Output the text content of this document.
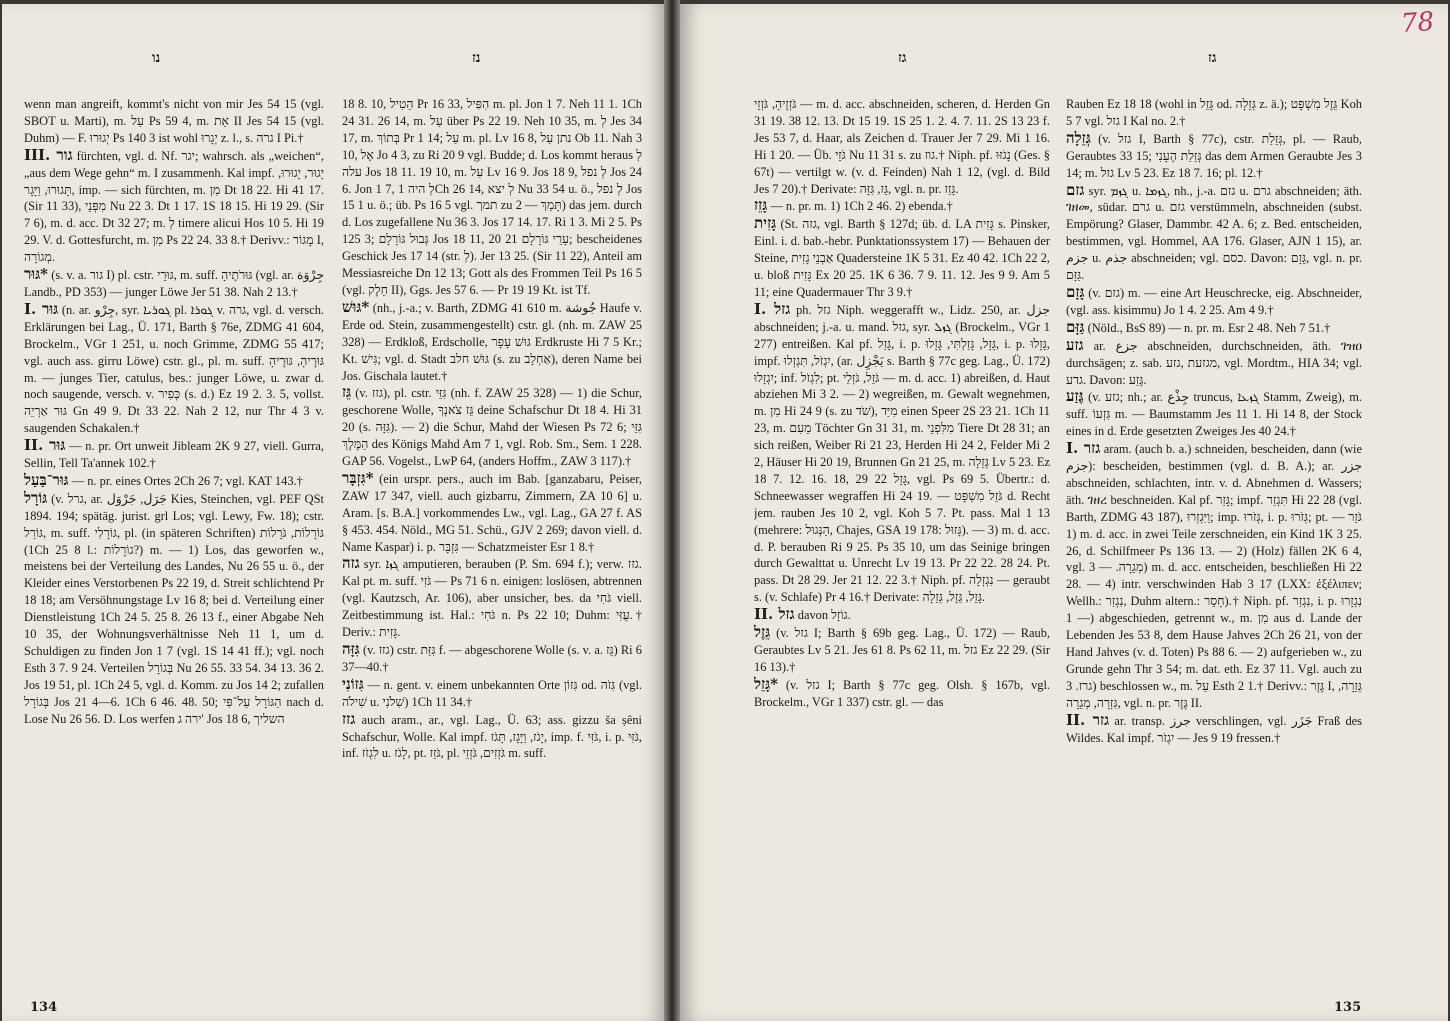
נו	נז
wenn man angreift, kommt's nicht von mir Jes 54 15 (vgl. SBOT u. Marti), m. עַל Ps 59 4, m. אֵת II Jes 54 15 (vgl. Duhm) — F. יְגוּרוּ Ps 140 3 ist wohl יְגָרוּ z. l., s. גרה I Pi.†
III. גור fürchten, vgl. d. Nf. יגר; wahrsch. als „weichen“, „aus dem Wege gehn“ m. I zusammenh. Kal impf. יָגוּר, יָגוּרוּ, תָּגוּרוּ, וַיָּגָר, imp. — sich fürchten, m. מִן Dt 18 22. Hi 41 17. (Sir 11 33), מִפְּנֵי Nu 22 3. Dt 1 17. 1S 18 15. Hi 19 29. (Sir 7 6), m. d. acc. Dt 32 27; m. לְ timere alicui Hos 10 5. Hi 19 29. V. d. Gottesfurcht, m. מִן Ps 22 24. 33 8.† Derivv.: מָגוֹר I, מְגוֹרָה.
גּוּר* (s. v. a. גור I) pl. cstr. גּוּרֵי, m. suff. גּוּרֹתֶיהָ (vgl. ar. جِرْوَة Landb., PD 353) — junger Löwe Jer 51 38. Nah 2 13.†
I. גּוּר (n. ar. جِرْو, syr. ܓܘܪܝܐ pl. ܓܘܪܐ v. גרה, vgl. d. versch. Erklärungen bei Lag., Ü. 171, Barth § 76e, ZDMG 41 604, Brockelm., VGr 1 251, u. noch Grimme, ZDMG 55 417; vgl. auch ass. girru Löwe) cstr. gl., pl. m. suff. גּוּרֶיהָ, גּוּרֶיהָ m. — junges Tier, catulus, bes.: junger Löwe, u. zwar d. noch saugende, versch. v. כְּפִיר (s. d.) Ez 19 2. 3. 5, vollst. גּוּר אַרְיֵה Gn 49 9. Dt 33 22. Nah 2 12, nur Thr 4 3 v. saugenden Schakalen.†
II. גּוּר — n. pr. Ort unweit Jibleam 2K 9 27, viell. Gurra, Sellin, Tell Ta'annek 102.†
גּוּר־בַּעַל — n. pr. eines Ortes 2Ch 26 7; vgl. KAT 143.†
גּוֹרָל (v. גרל, ar. جَرَل, جَرْوَل Kies, Steinchen, vgl. PEF QSt 1894. 194; spätäg. jurist. grl Los; vgl. Lewy, Fw. 18); cstr. גּוֹרַל, m. suff. גּוֹרָלִי, pl. (in späteren Schriften) גּוֹרָלוֹת, גֹּרָלוֹת (1Ch 25 8 l.: גוֹרָלוֹת?) m. — 1) Los, das geworfen w., meistens bei der Verteilung des Landes, Nu 26 55 u. ö., der Kleider eines Verstorbenen Ps 22 19, d. Streit schlichtend Pr 18 18; am Versöhnungstage Lv 16 8; bei d. Verteilung einer Dienstleistung 1Ch 24 5. 25 8. 26 13 f., einer Abgabe Neh 10 35, der Wohnungsverhältnisse Neh 11 1, um d. Schuldigen zu finden Jon 1 7 (vgl. 1S 14 41 ff.); vgl. noch Esth 3 7. 9 24. Verteilen בְּגוֹרָל Nu 26 55. 33 54. 34 13. 36 2. Jos 19 51, pl. 1Ch 24 5, vgl. d. Komm. zu Jos 14 2; zufallen בְּגוֹרָל Jos 21 4—6. 1Ch 6 46. 48. 50; הַגּוֹרָל עַל־פִּי nach d. Lose Nu 26 56. D. Los werfen ירה ג' Jos 18 6, השליך
18 8. 10, הֵטִיל Pr 16 33, הִפִּיל m. pl. Jon 1 7. Neh 11 1. 1Ch 24 31. 26 14, m. עַל über Ps 22 19. Neh 10 35, m. לְ Jes 34 17, m. בְּתוֹךְ Pr 1 14; עַל m. pl. Lv 16 8, נתן עַל Ob 11. Nah 3 10, אֶל Jo 4 3, zu Ri 20 9 vgl. Budde; d. Los kommt heraus לְ עלה Jos 18 11. 19 10, m. עַל Lv 16 9. Jos 18 9, לְ נפל Jos 24 6. Jon 1 7, לְ היה 1Ch 26 14, לְ יצא Nu 33 54 u. ö., לְ נפל Jos 15 1 u. ö.; üb. Ps 16 5 vgl. תמך zu תָּמַךְ — 2) das jem. durch d. Los zugefallene Nu 36 3. Jos 17 14. 17. Ri 1 3. Mi 2 5. Ps 125 3; גְּבוּל גּוֹרָלָם Jos 18 11, עָרֵי גּוֹרָלָם 21 20; bescheidenes Geschick Jes 17 14 (str. לְ). Jer 13 25. (Sir 11 22), Anteil am Messiasreiche Dn 12 13; Gott als des Frommen Teil Ps 16 5 (vgl. חֵלֶק II), Ggs. Jes 57 6. — Pr 19 19 Kt. ist Tf.
גּוּשׁ* (nh., j.-a.; v. Barth, ZDMG 41 610 m. جُوشة Haufe v. Erde od. Stein, zusammengestellt) cstr. gl. (nh. m. ZAW 25 328) — Erdkloß, Erdscholle, גּוּשׁ עָפָר Erdkruste Hi 7 5 Kr.; Kt. גִּישׁ; vgl. d. Stadt גּוּשׁ חלב (s. zu אַחְלָב), deren Name bei Jos. Gischala lautet.†
גֵּז (v. גזז), pl. cstr. גִּזֵּי (nh. f. ZAW 25 328) — 1) die Schur, geschorene Wolle, גֵּז צֹאנְךָ deine Schafschur Dt 18 4. Hi 31 20 (s. גִּזָּה). — 2) die Schur, Mahd der Wiesen Ps 72 6; גִּזֵּי הַמֶּלֶךְ des Königs Mahd Am 7 1, vgl. Rob. Sm., Sem. 1 228. GAP 56. Vogelst., LwP 64, (anders Hoffm., ZAW 3 117).†
גִּזְבָּר* (ein urspr. pers., auch im Bab. [ganzabaru, Peiser, ZAW 17 347, viell. auch gizbarru, Zimmern, ZA 10 6] u. Aram. [s. B.A.] vorkommendes Lw., vgl. Lag., GA 27 f. AS § 453. 454. Nöld., MG 51. Schü., GJV 2 269; davon viell. d. Name Kaspar) i. p. גִּזְבָּר — Schatzmeister Esr 1 8.†
גזה syr. ܓܙܐ amputieren, berauben (P. Sm. 694 f.); verw. גזז. Kal pt. m. suff. גֹּזִי — Ps 71 6 n. einigen: loslösen, abtrennen (vgl. Kautzsch, Ar. 106), aber unsicher, bes. da גֹּחִי viell. Zeitbestimmung ist. Hal.: גֹּחִי n. Ps 22 10; Duhm: עֻזִּי.† Deriv.: גָּזִית.
גִּזָּה (v. גזז) cstr. גִּזַּת f. — abgeschorene Wolle (s. v. a. גֵּז) Ri 6 37—40.†
גִּזוֹנִי — n. gent. v. einem unbekannten Orte גִּזוֹן od. גִּזֹה (vgl. שִׁילֹה u. שִׁלֹנִי) 1Ch 11 34.†
גזז auch aram., ar., vgl. Lag., Ü. 63; ass. gizzu ša ṣêni Schafschur, Wolle. Kal impf. יָגֹז, וַיָּגָז, תָּגֹז, imp. f. גֹּזִּי, i. p. גֹּזִּי, inf. לִגְזֹז u. לָגֹז, pt. גֹּזֵז, pl. גֹּזְזִים, גֹּזְזֵי m. suff.
134
78
גז	גז
גֹּזְזֶיהָ, גֹּזְזֵי — m. d. acc. abschneiden, scheren, d. Herden Gn 31 19. 38 12. 13. Dt 15 19. 1S 25 1. 2. 4. 7. 11. 2S 13 23 f. Jes 53 7, d. Haar, als Zeichen d. Trauer Jer 7 29. Mi 1 16. Hi 1 20. — Üb. גֹּזֵי Nu 11 31 s. zu גוז.† Niph. pf. נָגֹזּוּ (Ges. § 67t) — vertilgt w. (v. d. Feinden) Nah 1 12, (vgl. d. Bild Jes 7 20).† Derivate: גֵּז, גִּזָּה, vgl. n. pr. גָּזֵז.
גָּזֵז — n. pr. m. 1) 1Ch 2 46. 2) ebenda.†
גָּזִית (St. גזה, vgl. Barth § 127d; üb. d. LA גָּזִית s. Pinsker, Einl. i. d. bab.-hebr. Punktationssystem 17) — Behauen der Steine, אַבְנֵי גָזִית Quadersteine 1K 5 31. Ez 40 42. 1Ch 22 2, u. bloß גָּזִית Ex 20 25. 1K 6 36. 7 9. 11. 12. Jes 9 9. Am 5 11; eine Quadermauer Thr 3 9.†
I. גזל ph. גזל Niph. weggerafft w., Lidz. 250, ar. جزل abschneiden; j.-a. u. mand. גזל, syr. ܓܙܠ (Brockelm., VGr 1 277) entreißen. Kal pf. גָּזַל, i. p. גָּזָל, גָּזַלְתִּי, גָּזָלוּ, i. p. גָּזָלוּ, impf. יִגְזֹל, תִּגְזְלוּ, (ar. يَجْزِل s. Barth § 77c geg. Lag., Ü. 172) יִגְזָלוּ; inf. לִגְזֹל; pt. גֹּזֵל, גֹּזְלֵי — m. d. acc. 1) abreißen, d. Haut abziehen Mi 3 2. — 2) wegreißen, m. Gewalt wegnehmen, m. מִן Hi 24 9 (s. zu שֹׁד), מִיַּד einen Speer 2S 23 21. 1Ch 11 23, m. מֵעִם Töchter Gn 31 31, m. מִלִּפְנֵי Tiere Dt 28 31; an sich reißen, Weiber Ri 21 23, Herden Hi 24 2, Felder Mi 2 2, Häuser Hi 20 19, Brunnen Gn 21 25, m. גְּזֵלָה Lv 5 23. Ez 18 7. 12. 16. 18, גָּזֵל 22 29, vgl. Ps 69 5. Übertr.: d. Schneewasser wegraffen Hi 24 19. — גֹּזֵל מִשְׁפָּט d. Recht jem. rauben Jes 10 2, vgl. Koh 5 7. Pt. pass. Mal 1 13 (mehrere: הַנְּגוּל, Chajes, GSA 19 178: גָּזוּל). — 3) m. d. acc. d. P. berauben Ri 9 25. Ps 35 10, um das Seinige bringen durch Gewalttat u. Unrecht Lv 19 13. Pr 22 22. 28 24. Pt. pass. Dt 28 29. Jer 21 12. 22 3.† Niph. pf. נִגְזְלָה — geraubt s. (v. Schlafe) Pr 4 16.† Derivate: גָּזֵל, גֵּזֶל, גְּזֵלָה.
II. גזל davon גוֹזָל.
גֵּזֶל (v. גזל I; Barth § 69b geg. Lag., Ü. 172) — Raub, Geraubtes Lv 5 21. Jes 61 8. Ps 62 11, m. גזל Ez 22 29. (Sir 16 13).†
גָּזֵל* (v. גזל I; Barth § 77c geg. Olsh. § 167b, vgl. Brockelm., VGr 1 337) cstr. gl. — das
Rauben Ez 18 18 (wohl in גָּזֵל od. גְּזֵלָה z. ä.); גֵּזֶל מִשְׁפָּט Koh 5 7 vgl. גזל I Kal no. 2.†
גְּזֵלָה (v. גזל I, Barth § 77c), cstr. גְּזֵלַת, pl. — Raub, Geraubtes 33 15; גְּזֵלַת הֶעָנִי das dem Armen Geraubte Jes 3 14; m. גזל Lv 5 23. Ez 18 7. 16; pl. 12.†
גזם syr. ܓܙܡ u. ܓܙܡܐ, nh., j.-a. גזם u. גרם abschneiden; äth. ገዘመ, südar. גרם u. גזם verstümmeln, abschneiden (subst. Empörung? Glaser, Dammbr. 42 A. 6; z. Bed. entscheiden, bestimmen, vgl. Hommel, AA 176. Glaser, AJN 1 15), ar. جزم u. جذم abschneiden; vgl. כסם. Davon: גָּזָם, vgl. n. pr. גַּזָּם.
גָּזָם (v. גזם) m. — eine Art Heuschrecke, eig. Abschneider, (vgl. ass. kisimmu) Jo 1 4. 2 25. Am 4 9.†
גַּזָּם (Nöld., BsS 89) — n. pr. m. Esr 2 48. Neh 7 51.†
גזע ar. جزع abschneiden, durchschneiden, äth. ገዝዐ durchsägen; z. sab. מגזעת ,גזע, vgl. Mordtm., HIA 34; vgl. גדע. Davon: גֶּזַע.
גֶּזַע (v. גזע; nh.; ar. جِذْع truncus, ܓܙܥܐ Stamm, Zweig), m. suff. גִּזְעוֹ m. — Baumstamm Jes 11 1. Hi 14 8, der Stock eines in d. Erde gesetzten Zweiges Jes 40 24.†
I. גזר aram. (auch b. a.) schneiden, bescheiden, dann (wie جزم): bescheiden, bestimmen (vgl. d. B. A.); ar. جزر abschneiden, schlachten, intr. v. d. Abnehmen d. Wassers; äth. ገዘረ beschneiden. Kal pf. גָּזַר; impf. תִּגְזַר Hi 22 28 (vgl. Barth, ZDMG 43 187), וַיִּגְזְרוּ; imp. גְּזֹרוּ, i. p. גְּזֹרוּ; pt. גֹּזֵר — 1) m. d. acc. in zwei Teile zerschneiden, ein Kind 1K 3 25. 26, d. Schilfmeer Ps 136 13. — 2) (Holz) fällen 2K 6 4, vgl. מְגֵרָה. — 3) m. d. acc. entscheiden, beschließen Hi 22 28. — 4) intr. verschwinden Hab 3 17 (LXX: ἐξέλιπεν; Wellh.: נִגְזַר, Duhm altern.: חָסֵר).† Niph. pf. נִגְזַר, i. p. נִגְזָרוּ — 1) abgeschieden, getrennt w., m. מִן aus d. Lande der Lebenden Jes 53 8, dem Hause Jahves 2Ch 26 21, von der Hand Jahves (v. d. Toten) Ps 88 6. — 2) aufgerieben w., zu Grunde gehn Thr 3 54; m. dat. eth. Ez 37 11. Vgl. auch zu גרז. 3) beschlossen w., m. עַל Esth 2 1.† Derivv.: גֶּזֶר I, גְּזֵרָה, גִּזְרָה, מְגֵרָה, vgl. n. pr. גֶּזֶר II.
II. גזר ar. transp. جرز verschlingen, vgl. جَزَر Fraß des Wildes. Kal impf. יִגְזֹר — Jes 9 19 fressen.†
135
